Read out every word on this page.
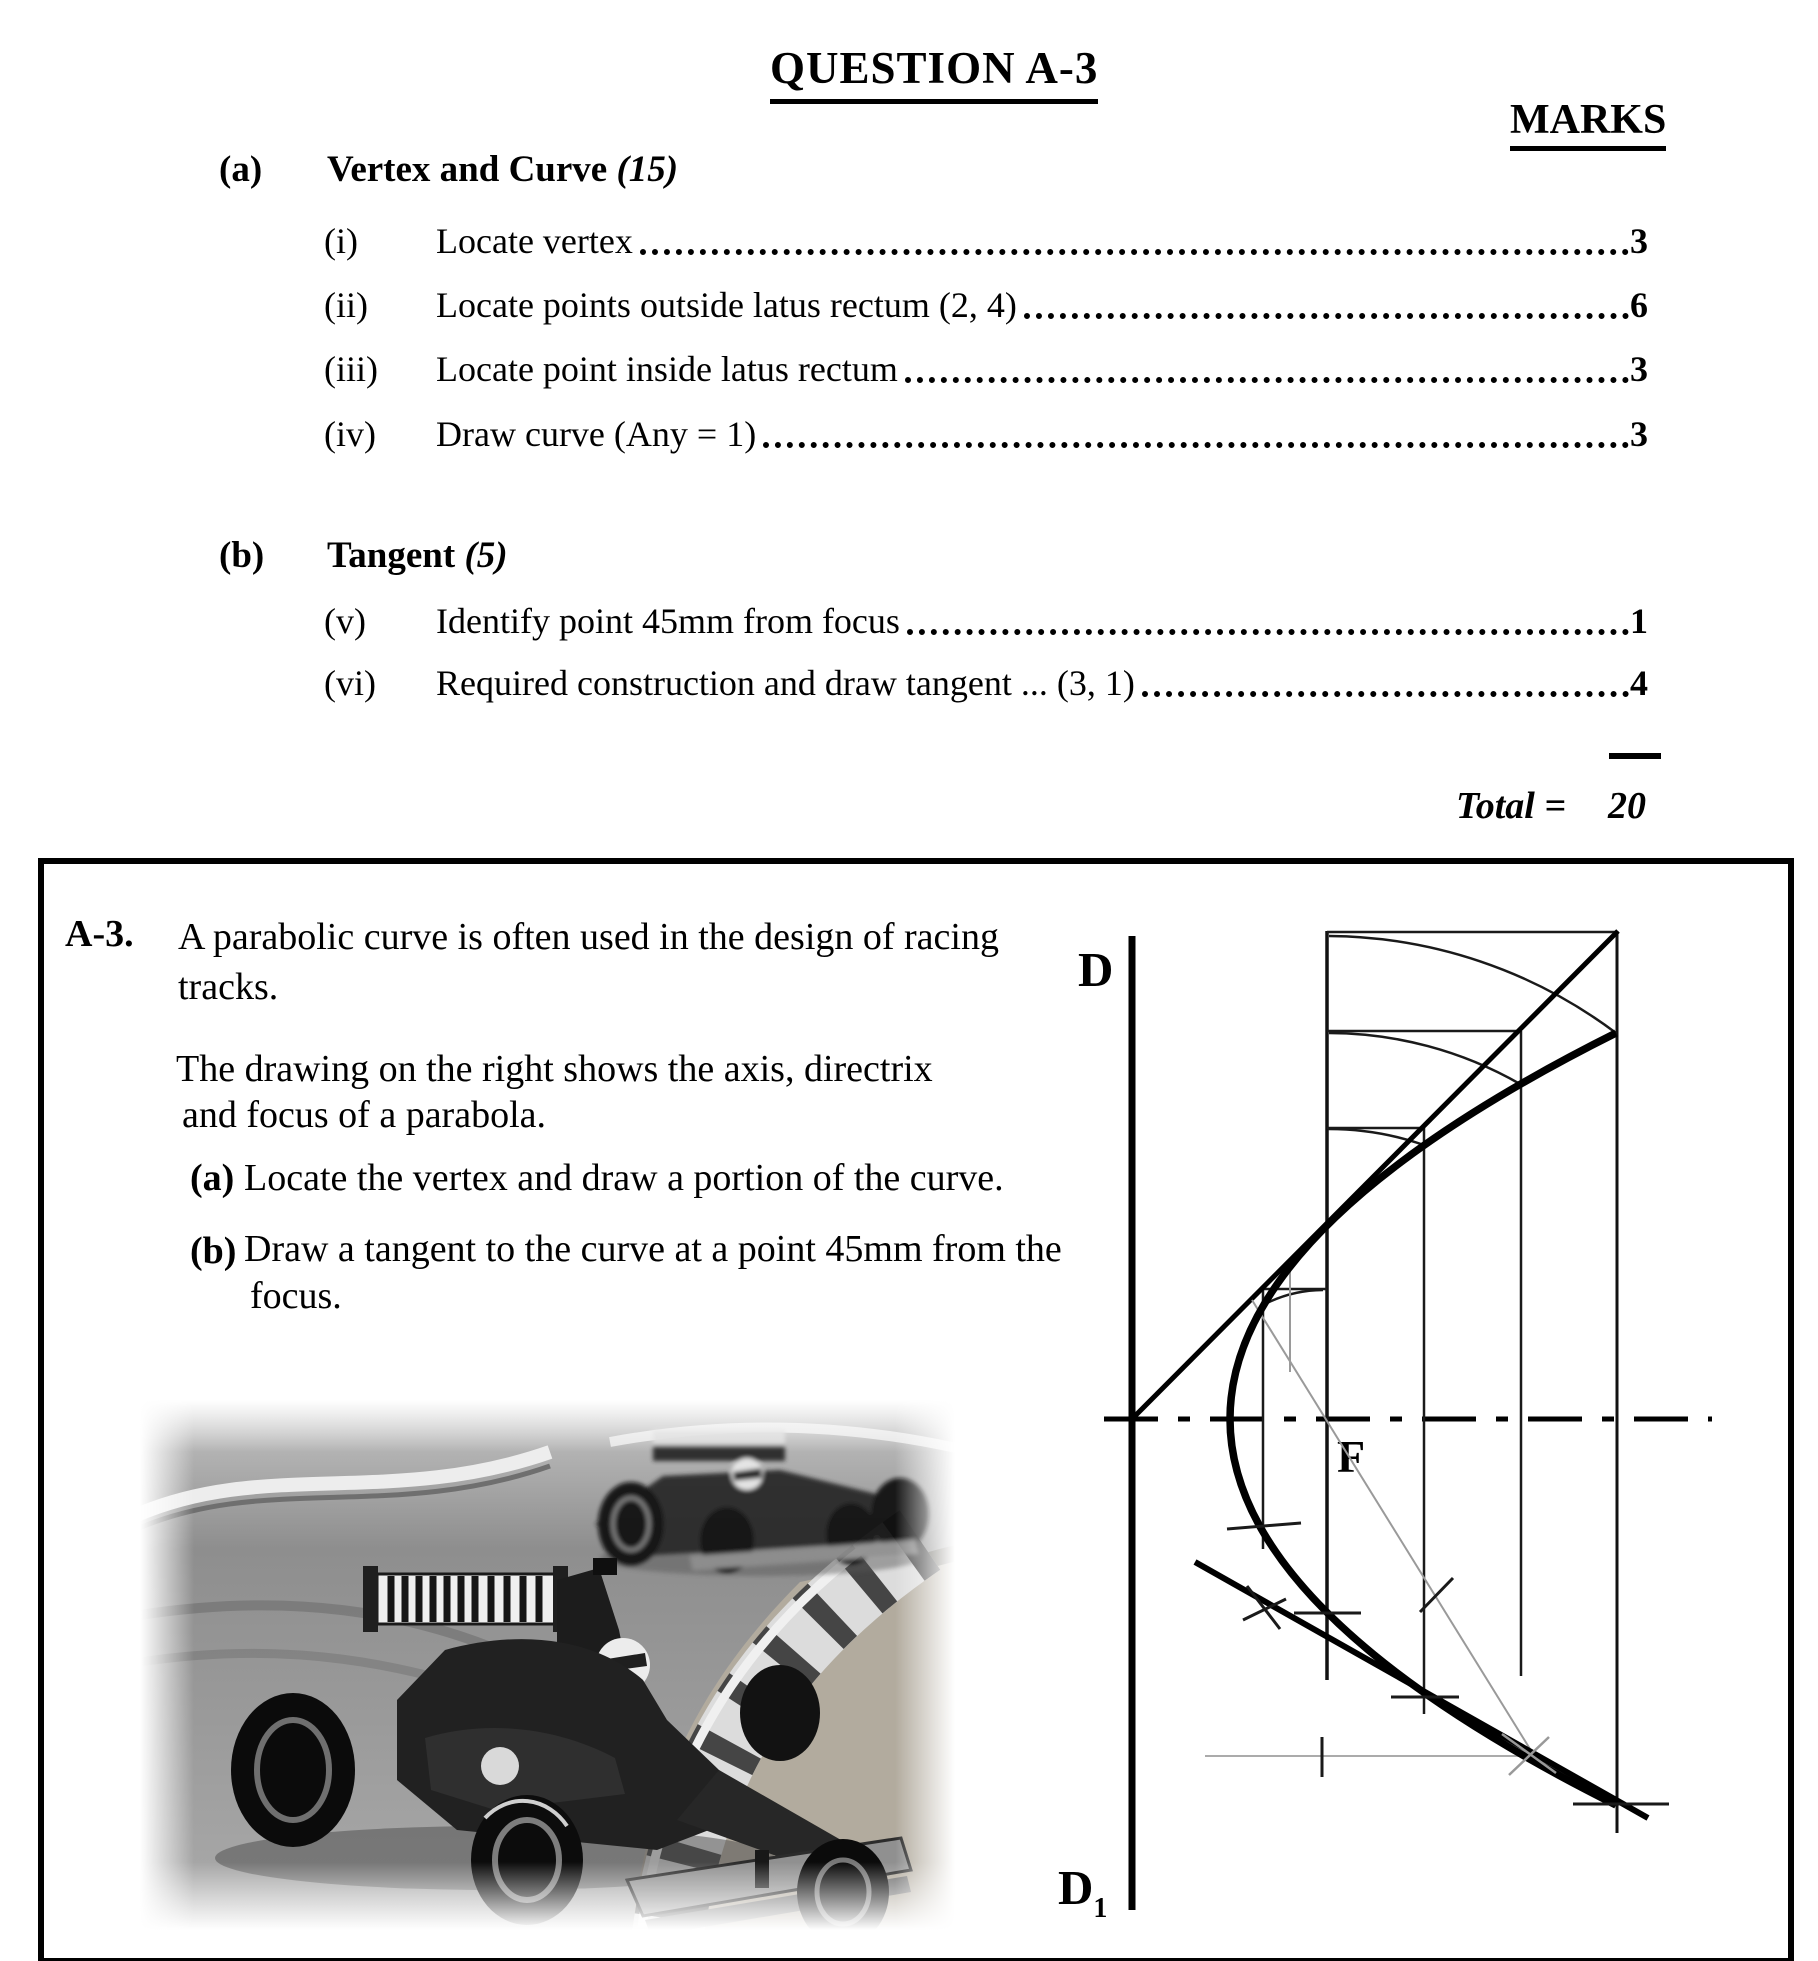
QUESTION A-3
MARKS
(a) Vertex and Curve (15)
(i)	Locate vertex	3
(ii)	Locate points outside latus rectum (2, 4)	6
(iii)	Locate point inside latus rectum	3
(iv)	Draw curve (Any = 1)	3
(b) Tangent (5)
(v)	Identify point 45mm from focus	1
(vi)	Required construction and draw tangent ... (3, 1)	4
Total = 20
A-3. A parabolic curve is often used in the design of racing
tracks.
The drawing on the right shows the axis, directrix
and focus of a parabola.
(a) Locate the vertex and draw a portion of the curve.
(b) Draw a tangent to the curve at a point 45mm from the
focus.
D
$D_1$
F
